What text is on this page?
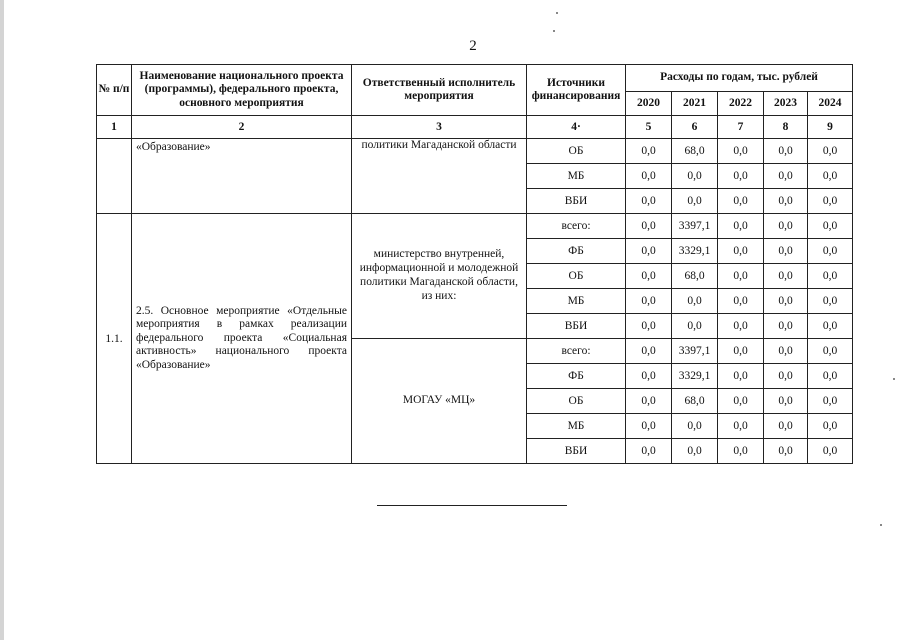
2
№ п/п	Наименование национального проекта (программы), федерального проекта, основного мероприятия	Ответственный исполнитель мероприятия	Источники финансирования	Расходы по годам, тыс. рублей				
				2020	2021	2022	2023	2024
1	2	3	4·	5	6	7	8	9
	«Образование»	политики Магаданской области	ОБ	0,0	68,0	0,0	0,0	0,0
			МБ	0,0	0,0	0,0	0,0	0,0
			ВБИ	0,0	0,0	0,0	0,0	0,0
1.1.	2.5. Основное мероприятие «Отдельные мероприятия в рамках реализации федерального проекта «Социальная активность» национального проекта «Образование»	министерство внутренней, информационной и молодежной политики Магаданской области, из них:	всего:	0,0	3397,1	0,0	0,0	0,0
			ФБ	0,0	3329,1	0,0	0,0	0,0
			ОБ	0,0	68,0	0,0	0,0	0,0
			МБ	0,0	0,0	0,0	0,0	0,0
			ВБИ	0,0	0,0	0,0	0,0	0,0
		МОГАУ «МЦ»	всего:	0,0	3397,1	0,0	0,0	0,0
			ФБ	0,0	3329,1	0,0	0,0	0,0
			ОБ	0,0	68,0	0,0	0,0	0,0
			МБ	0,0	0,0	0,0	0,0	0,0
			ВБИ	0,0	0,0	0,0	0,0	0,0
